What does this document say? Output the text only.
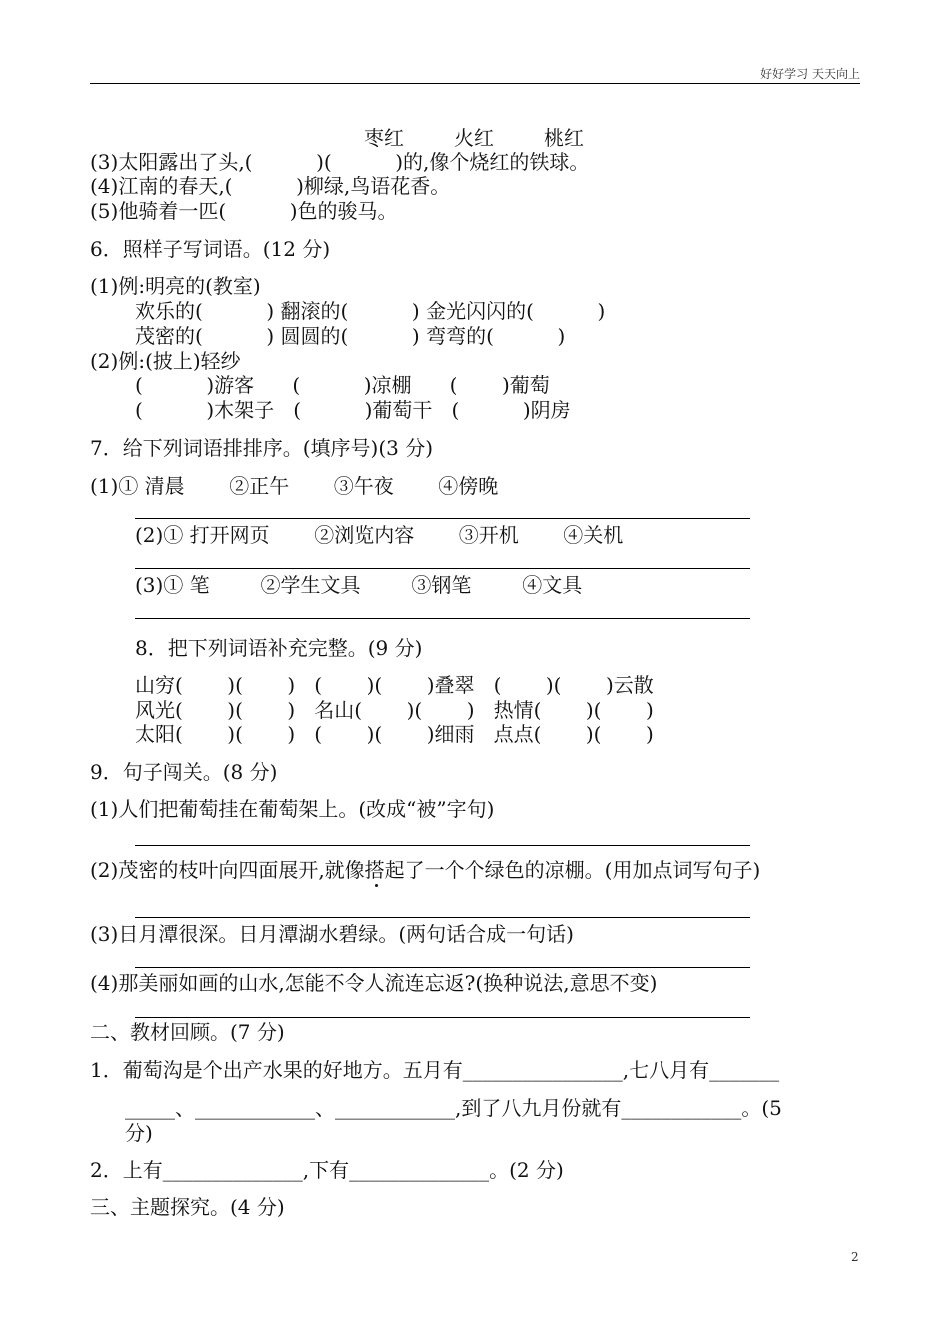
好好学习 天天向上
枣红	火红	桃红
(3)太阳露出了头,(          )(          )的,像个烧红的铁球。
(4)江南的春天,(          )柳绿,鸟语花香。
(5)他骑着一匹(          )色的骏马。
6．照样子写词语。(12 分)
(1)例:明亮的(教室)
欢乐的(          ) 翻滚的(          ) 金光闪闪的(          )
茂密的(          ) 圆圆的(          ) 弯弯的(          )
(2)例:(披上)轻纱
(          )游客      (          )凉棚      (       )葡萄
(          )木架子   (          )葡萄干   (          )阴房
7．给下列词语排排序。(填序号)(3 分)
(1)① 清晨       ②正午       ③午夜       ④傍晚
(2)① 打开网页       ②浏览内容       ③开机       ④关机
(3)① 笔        ②学生文具        ③钢笔        ④文具
8．把下列词语补充完整。(9 分)
山穷(       )(       )   (       )(       )叠翠   (       )(       )云散
风光(       )(       )   名山(       )(       )   热情(       )(       )
太阳(       )(       )   (       )(       )细雨   点点(       )(       )
9．句子闯关。(8 分)
(1)人们把葡萄挂在葡萄架上。(改成“被”字句)
(2)茂密的枝叶向四面展开,就像搭起了一个个绿色的凉棚。(用加点词写句子)
(3)日月潭很深。日月潭湖水碧绿。(两句话合成一句话)
(4)那美丽如画的山水,怎能不令人流连忘返?(换种说法,意思不变)
二、教材回顾。(7 分)
1．葡萄沟是个出产水果的好地方。五月有________________,七八月有_______
_____、____________、____________,到了八九月份就有____________。(5
分)
2．上有______________,下有______________。(2 分)
三、主题探究。(4 分)
2
